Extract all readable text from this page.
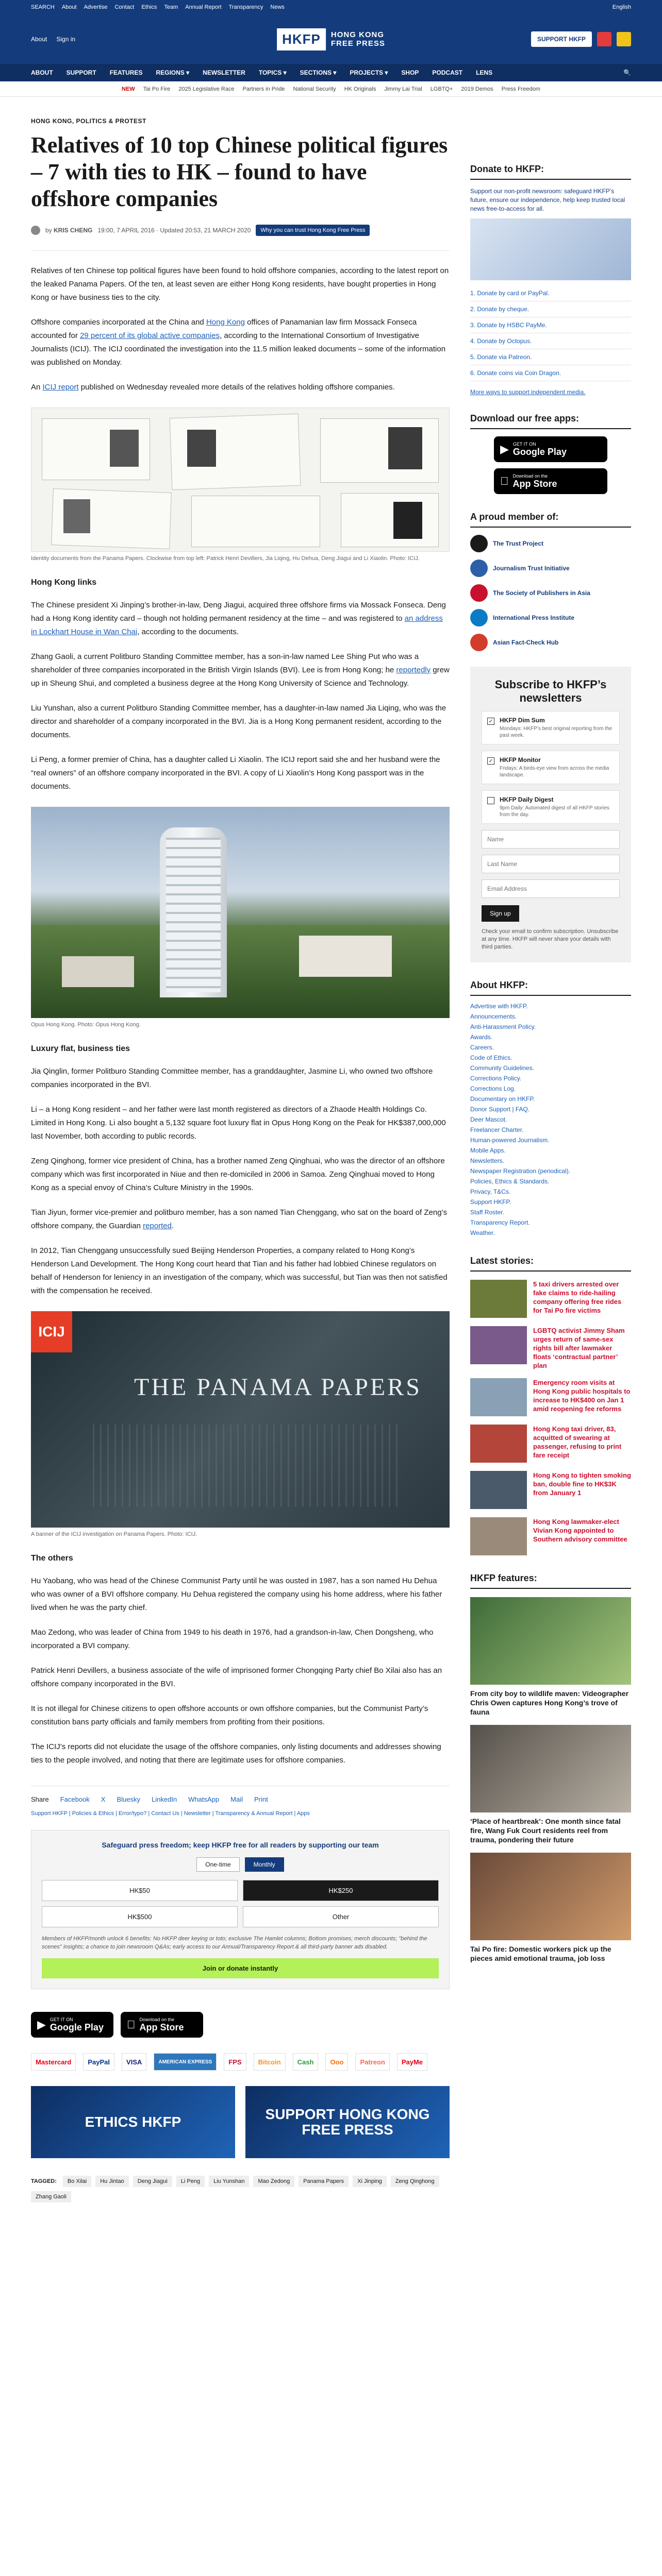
SEARCH About Advertise Contact Ethics Team Annual Report Transparency News	English
About Sign in	HKFP	HONG KONG
FREE PRESS	SUPPORT HKFP
ABOUT SUPPORT FEATURES REGIONS ▾ NEWSLETTER TOPICS ▾ SECTIONS ▾ PROJECTS ▾ SHOP PODCAST LENS	🔍
NEW Tai Po Fire 2025 Legislative Race Partners in Pride National Security HK Originals Jimmy Lai Trial LGBTQ+ 2019 Demos Press Freedom
HONG KONG, POLITICS & PROTEST
Relatives of 10 top Chinese political figures – 7 with ties to HK – found to have offshore companies
by KRIS CHENG 19:00, 7 APRIL 2016 · Updated 20:53, 21 MARCH 2020	Why you can trust Hong Kong Free Press

Relatives of ten Chinese top political figures have been found to hold offshore companies, according to the latest report on the leaked Panama Papers. Of the ten, at least seven are either Hong Kong residents, have bought properties in Hong Kong or have business ties to the city.

Offshore companies incorporated at the China and Hong Kong offices of Panamanian law firm Mossack Fonseca accounted for 29 percent of its global active companies, according to the International Consortium of Investigative Journalists (ICIJ). The ICIJ coordinated the investigation into the 11.5 million leaked documents – some of the information was published on Monday.

An ICIJ report published on Wednesday revealed more details of the relatives holding offshore companies.

Identity documents from the Panama Papers. Clockwise from top left: Patrick Henri Devillers, Jia Liqing, Hu Dehua, Deng Jiagui and Li Xiaolin. Photo: ICIJ.
Hong Kong links

The Chinese president Xi Jinping’s brother-in-law, Deng Jiagui, acquired three offshore firms via Mossack Fonseca. Deng had a Hong Kong identity card – though not holding permanent residency at the time – and was registered to an address in Lockhart House in Wan Chai, according to the documents.

Zhang Gaoli, a current Politburo Standing Committee member, has a son-in-law named Lee Shing Put who was a shareholder of three companies incorporated in the British Virgin Islands (BVI). Lee is from Hong Kong; he reportedly grew up in Sheung Shui, and completed a business degree at the Hong Kong University of Science and Technology.

Liu Yunshan, also a current Politburo Standing Committee member, has a daughter-in-law named Jia Liqing, who was the director and shareholder of a company incorporated in the BVI. Jia is a Hong Kong permanent resident, according to the documents.

Li Peng, a former premier of China, has a daughter called Li Xiaolin. The ICIJ report said she and her husband were the “real owners” of an offshore company incorporated in the BVI. A copy of Li Xiaolin’s Hong Kong passport was in the documents.

Opus Hong Kong. Photo: Opus Hong Kong.
Luxury flat, business ties

Jia Qinglin, former Politburo Standing Committee member, has a granddaughter, Jasmine Li, who owned two offshore companies incorporated in the BVI.

Li – a Hong Kong resident – and her father were last month registered as directors of a Zhaode Health Holdings Co. Limited in Hong Kong. Li also bought a 5,132 square foot luxury flat in Opus Hong Kong on the Peak for HK$387,000,000 last November, both according to public records.

Zeng Qinghong, former vice president of China, has a brother named Zeng Qinghuai, who was the director of an offshore company which was first incorporated in Niue and then re-domiciled in 2006 in Samoa. Zeng Qinghuai moved to Hong Kong as a special envoy of China’s Culture Ministry in the 1990s.

Tian Jiyun, former vice-premier and politburo member, has a son named Tian Chenggang, who sat on the board of Zeng’s offshore company, the Guardian reported.

In 2012, Tian Chenggang unsuccessfully sued Beijing Henderson Properties, a company related to Hong Kong’s Henderson Land Development. The Hong Kong court heard that Tian and his father had lobbied Chinese regulators on behalf of Henderson for leniency in an investigation of the company, which was successful, but Tian was then not satisfied with the compensation he received.

ICIJ
THE PANAMA PAPERS
A banner of the ICIJ investigation on Panama Papers. Photo: ICIJ.
The others

Hu Yaobang, who was head of the Chinese Communist Party until he was ousted in 1987, has a son named Hu Dehua who was owner of a BVI offshore company. Hu Dehua registered the company using his home address, where his father lived when he was the party chief.

Mao Zedong, who was leader of China from 1949 to his death in 1976, had a grandson-in-law, Chen Dongsheng, who incorporated a BVI company.

Patrick Henri Devillers, a business associate of the wife of imprisoned former Chongqing Party chief Bo Xilai also has an offshore company incorporated in the BVI.

It is not illegal for Chinese citizens to open offshore accounts or own offshore companies, but the Communist Party’s constitution bans party officials and family members from profiting from their positions.

The ICIJ’s reports did not elucidate the usage of the offshore companies, only listing documents and addresses showing ties to the people involved, and noting that there are legitimate uses for offshore companies.

Share Facebook X Bluesky LinkedIn WhatsApp Mail Print
Support HKFP | Policies & Ethics | Error/typo? | Contact Us | Newsletter | Transparency & Annual Report | Apps
Safeguard press freedom; keep HKFP free for all readers by supporting our team
One-time	Monthly
HK$50	HK$250
HK$500	Other
Members of HKFP/month unlock 6 benefits: No HKFP deer keying or toto; exclusive The Hamlet columns; Bottom promises; merch discounts; "behind the scenes" insights; a chance to join newsroom Q&As; early access to our Annual/Transparency Report & all third-party banner ads disabled.
Join or donate instantly
▶ GET IT ON
Google Play
Download on the
App Store
Mastercard	PayPal	VISA	AMERICAN EXPRESS	FPS	Bitcoin	Cash	Ooo	Patreon	PayMe
ETHICS HKFP	SUPPORT HONG KONG FREE PRESS
TAGGED:	Bo Xilai	Hu Jintao	Deng Jiagui	Li Peng	Liu Yunshan	Mao Zedong	Panama Papers	Xi Jinping	Zeng Qinghong
Zhang Gaoli
Donate to HKFP:

Support our non-profit newsroom: safeguard HKFP’s future, ensure our independence, help keep trusted local news free-to-access for all.

1. Donate by card or PayPal.
2. Donate by cheque.
3. Donate by HSBC PayMe.
4. Donate by Octopus.
5. Donate via Patreon.
6. Donate coins via Coin Dragon.
More ways to support independent media.
Download our free apps:
▶ GET IT ON
Google Play
Download on the
App Store
A proud member of:
The Trust Project
Journalism Trust Initiative
The Society of Publishers in Asia
International Press Institute
Asian Fact-Check Hub
Subscribe to HKFP’s newsletters
✓ HKFP Dim Sum
Mondays: HKFP’s best original reporting from the past week.
✓ HKFP Monitor
Fridays: A birds-eye view from across the media landscape.
HKFP Daily Digest
9pm Daily: Automated digest of all HKFP stories from the day.
Name Last Name Email Address Sign up
Check your email to confirm subscription. Unsubscribe at any time. HKFP will never share your details with third parties.
About HKFP:
Advertise with HKFP.
Announcements.
Anti-Harassment Policy.
Awards.
Careers.
Code of Ethics.
Community Guidelines.
Corrections Policy.
Corrections Log.
Documentary on HKFP.
Donor Support | FAQ.
Deer Mascot.
Freelancer Charter.
Human-powered Journalism.
Mobile Apps.
Newsletters.
Newspaper Registration (periodical).
Policies, Ethics & Standards.
Privacy, T&Cs.
Support HKFP.
Staff Roster.
Transparency Report.
Weather.
Latest stories:
5 taxi drivers arrested over fake claims to ride-hailing company offering free rides for Tai Po fire victims
LGBTQ activist Jimmy Sham urges return of same-sex rights bill after lawmaker floats ‘contractual partner’ plan
Emergency room visits at Hong Kong public hospitals to increase to HK$400 on Jan 1 amid reopening fee reforms
Hong Kong taxi driver, 83, acquitted of swearing at passenger, refusing to print fare receipt
Hong Kong to tighten smoking ban, double fine to HK$3K from January 1
Hong Kong lawmaker-elect Vivian Kong appointed to Southern advisory committee
HKFP features:
From city boy to wildlife maven: Videographer Chris Owen captures Hong Kong’s trove of fauna
‘Place of heartbreak’: One month since fatal fire, Wang Fuk Court residents reel from trauma, pondering their future
Tai Po fire: Domestic workers pick up the pieces amid emotional trauma, job loss
